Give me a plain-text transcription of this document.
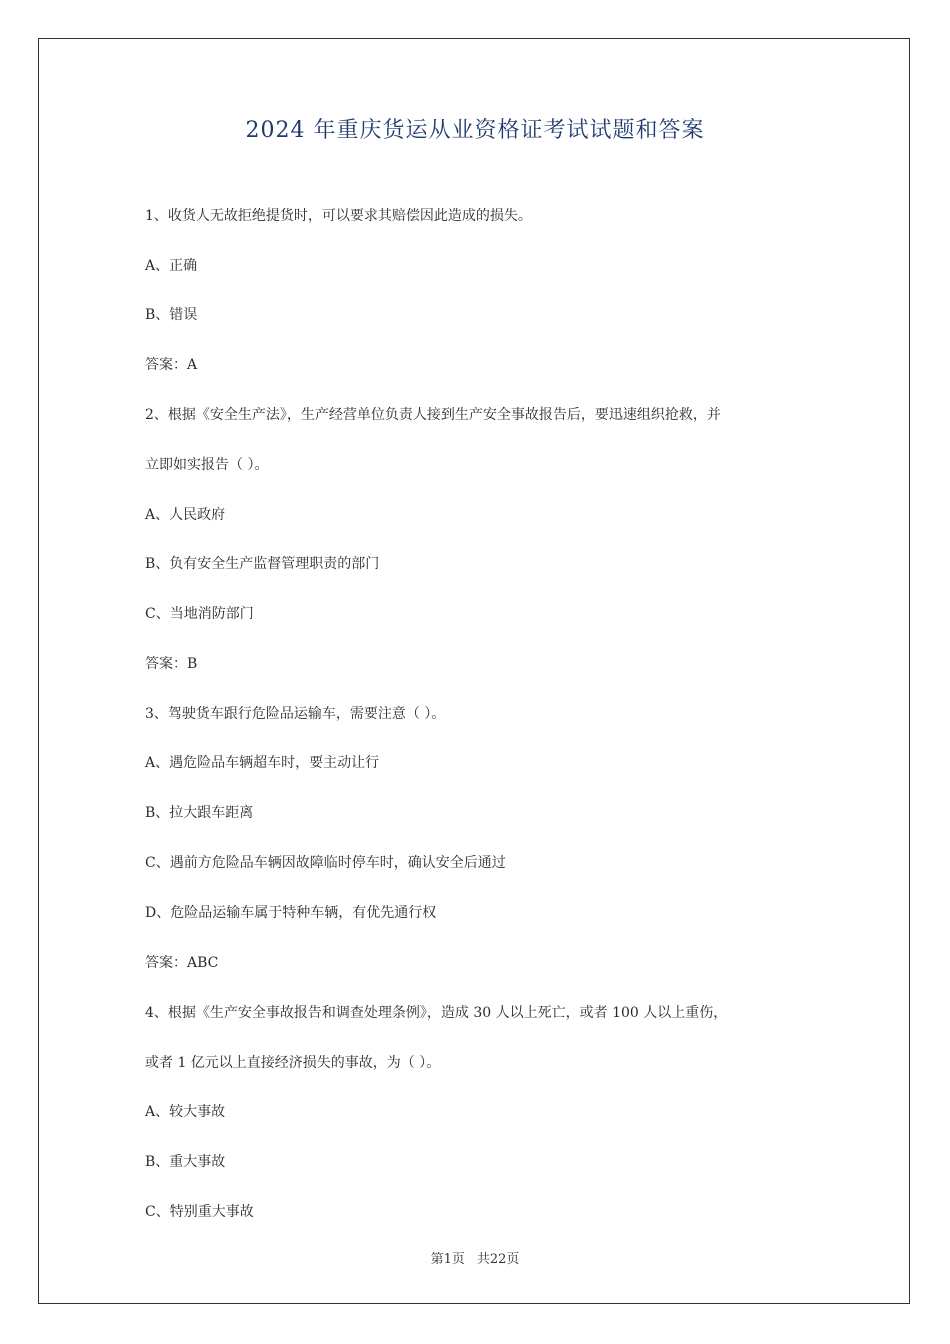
2024 年重庆货运从业资格证考试试题和答案
1、收货人无故拒绝提货时，可以要求其赔偿因此造成的损失。
A、正确
B、错误
答案：A
2、根据《安全生产法》，生产经营单位负责人接到生产安全事故报告后，要迅速组织抢救，并
立即如实报告（ ）。
A、人民政府
B、负有安全生产监督管理职责的部门
C、当地消防部门
答案：B
3、驾驶货车跟行危险品运输车，需要注意（ ）。
A、遇危险品车辆超车时，要主动让行
B、拉大跟车距离
C、遇前方危险品车辆因故障临时停车时，确认安全后通过
D、危险品运输车属于特种车辆，有优先通行权
答案：ABC
4、根据《生产安全事故报告和调查处理条例》，造成 30 人以上死亡，或者 100 人以上重伤，
或者 1 亿元以上直接经济损失的事故，为（ ）。
A、较大事故
B、重大事故
C、特别重大事故
第1页 共22页
